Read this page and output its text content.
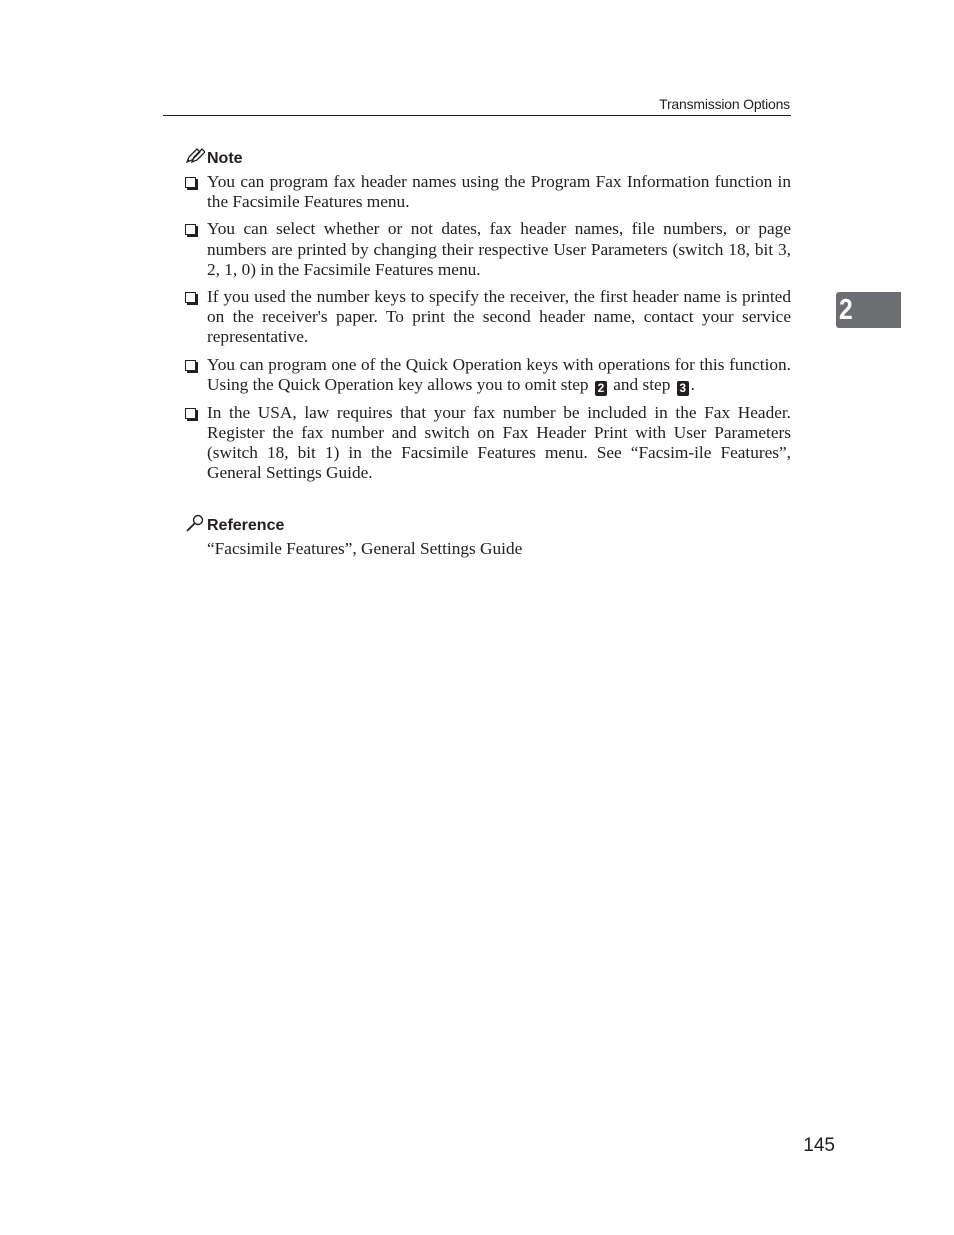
Transmission Options
2
Note
You can program fax header names using the Program Fax Information function in the Facsimile Features menu.
You can select whether or not dates, fax header names, file numbers, or page numbers are printed by changing their respective User Parameters (switch 18, bit 3, 2, 1, 0) in the Facsimile Features menu.
If you used the number keys to specify the receiver, the first header name is printed on the receiver's paper. To print the second header name, contact your service representative.
You can program one of the Quick Operation keys with operations for this function. Using the Quick Operation key allows you to omit step 2 and step 3 .
In the USA, law requires that your fax number be included in the Fax Header. Register the fax number and switch on Fax Header Print with User Parameters (switch 18, bit 1) in the Facsimile Features menu. See “Facsim-ile Features”, General Settings Guide.
Reference
“Facsimile Features”, General Settings Guide
145
